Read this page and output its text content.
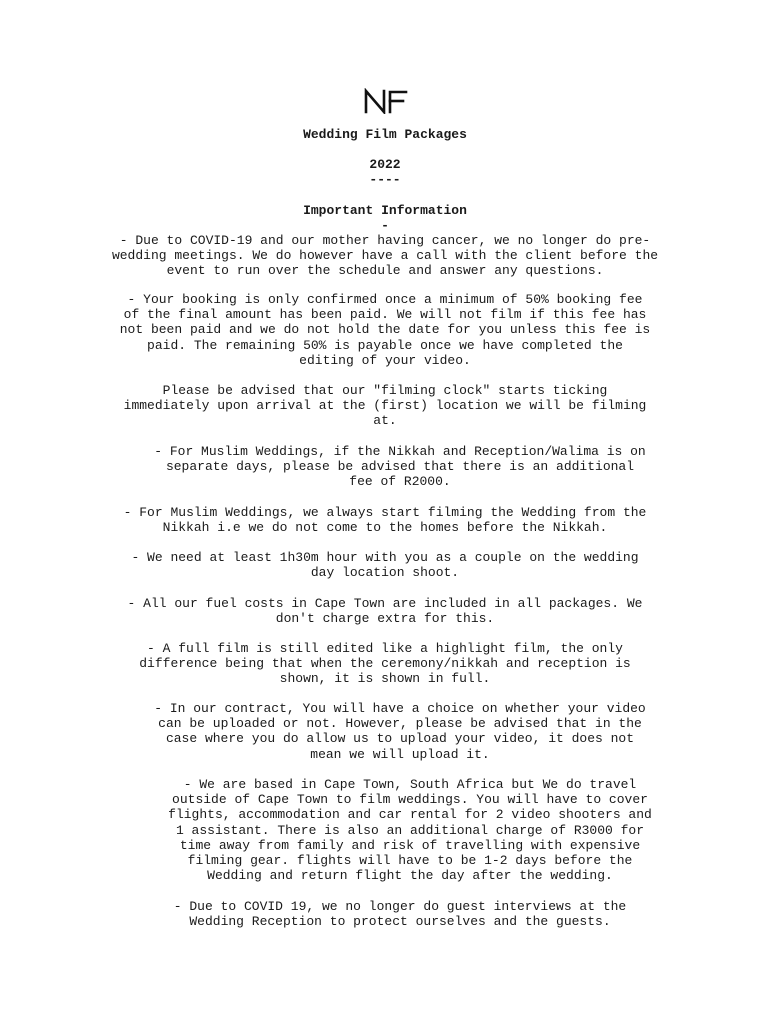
Wedding Film Packages
2022
----
Important Information
-
- Due to COVID-19 and our mother having cancer, we no longer do pre-
wedding meetings. We do however have a call with the client before the
event to run over the schedule and answer any questions.
- Your booking is only confirmed once a minimum of 50% booking fee
of the final amount has been paid. We will not film if this fee has
not been paid and we do not hold the date for you unless this fee is
paid. The remaining 50% is payable once we have completed the
editing of your video.
Please be advised that our "filming clock" starts ticking
immediately upon arrival at the (first) location we will be filming
at.
- For Muslim Weddings, if the Nikkah and Reception/Walima is on
separate days, please be advised that there is an additional
fee of R2000.
- For Muslim Weddings, we always start filming the Wedding from the
Nikkah i.e we do not come to the homes before the Nikkah.
- We need at least 1h30m hour with you as a couple on the wedding
day location shoot.
- All our fuel costs in Cape Town are included in all packages. We
don't charge extra for this.
- A full film is still edited like a highlight film, the only
difference being that when the ceremony/nikkah and reception is
shown, it is shown in full.
- In our contract, You will have a choice on whether your video
can be uploaded or not. However, please be advised that in the
case where you do allow us to upload your video, it does not
mean we will upload it.
- We are based in Cape Town, South Africa but We do travel
outside of Cape Town to film weddings. You will have to cover
flights, accommodation and car rental for 2 video shooters and
1 assistant. There is also an additional charge of R3000 for
time away from family and risk of travelling with expensive
filming gear. flights will have to be 1-2 days before the
Wedding and return flight the day after the wedding.
- Due to COVID 19, we no longer do guest interviews at the
Wedding Reception to protect ourselves and the guests.
